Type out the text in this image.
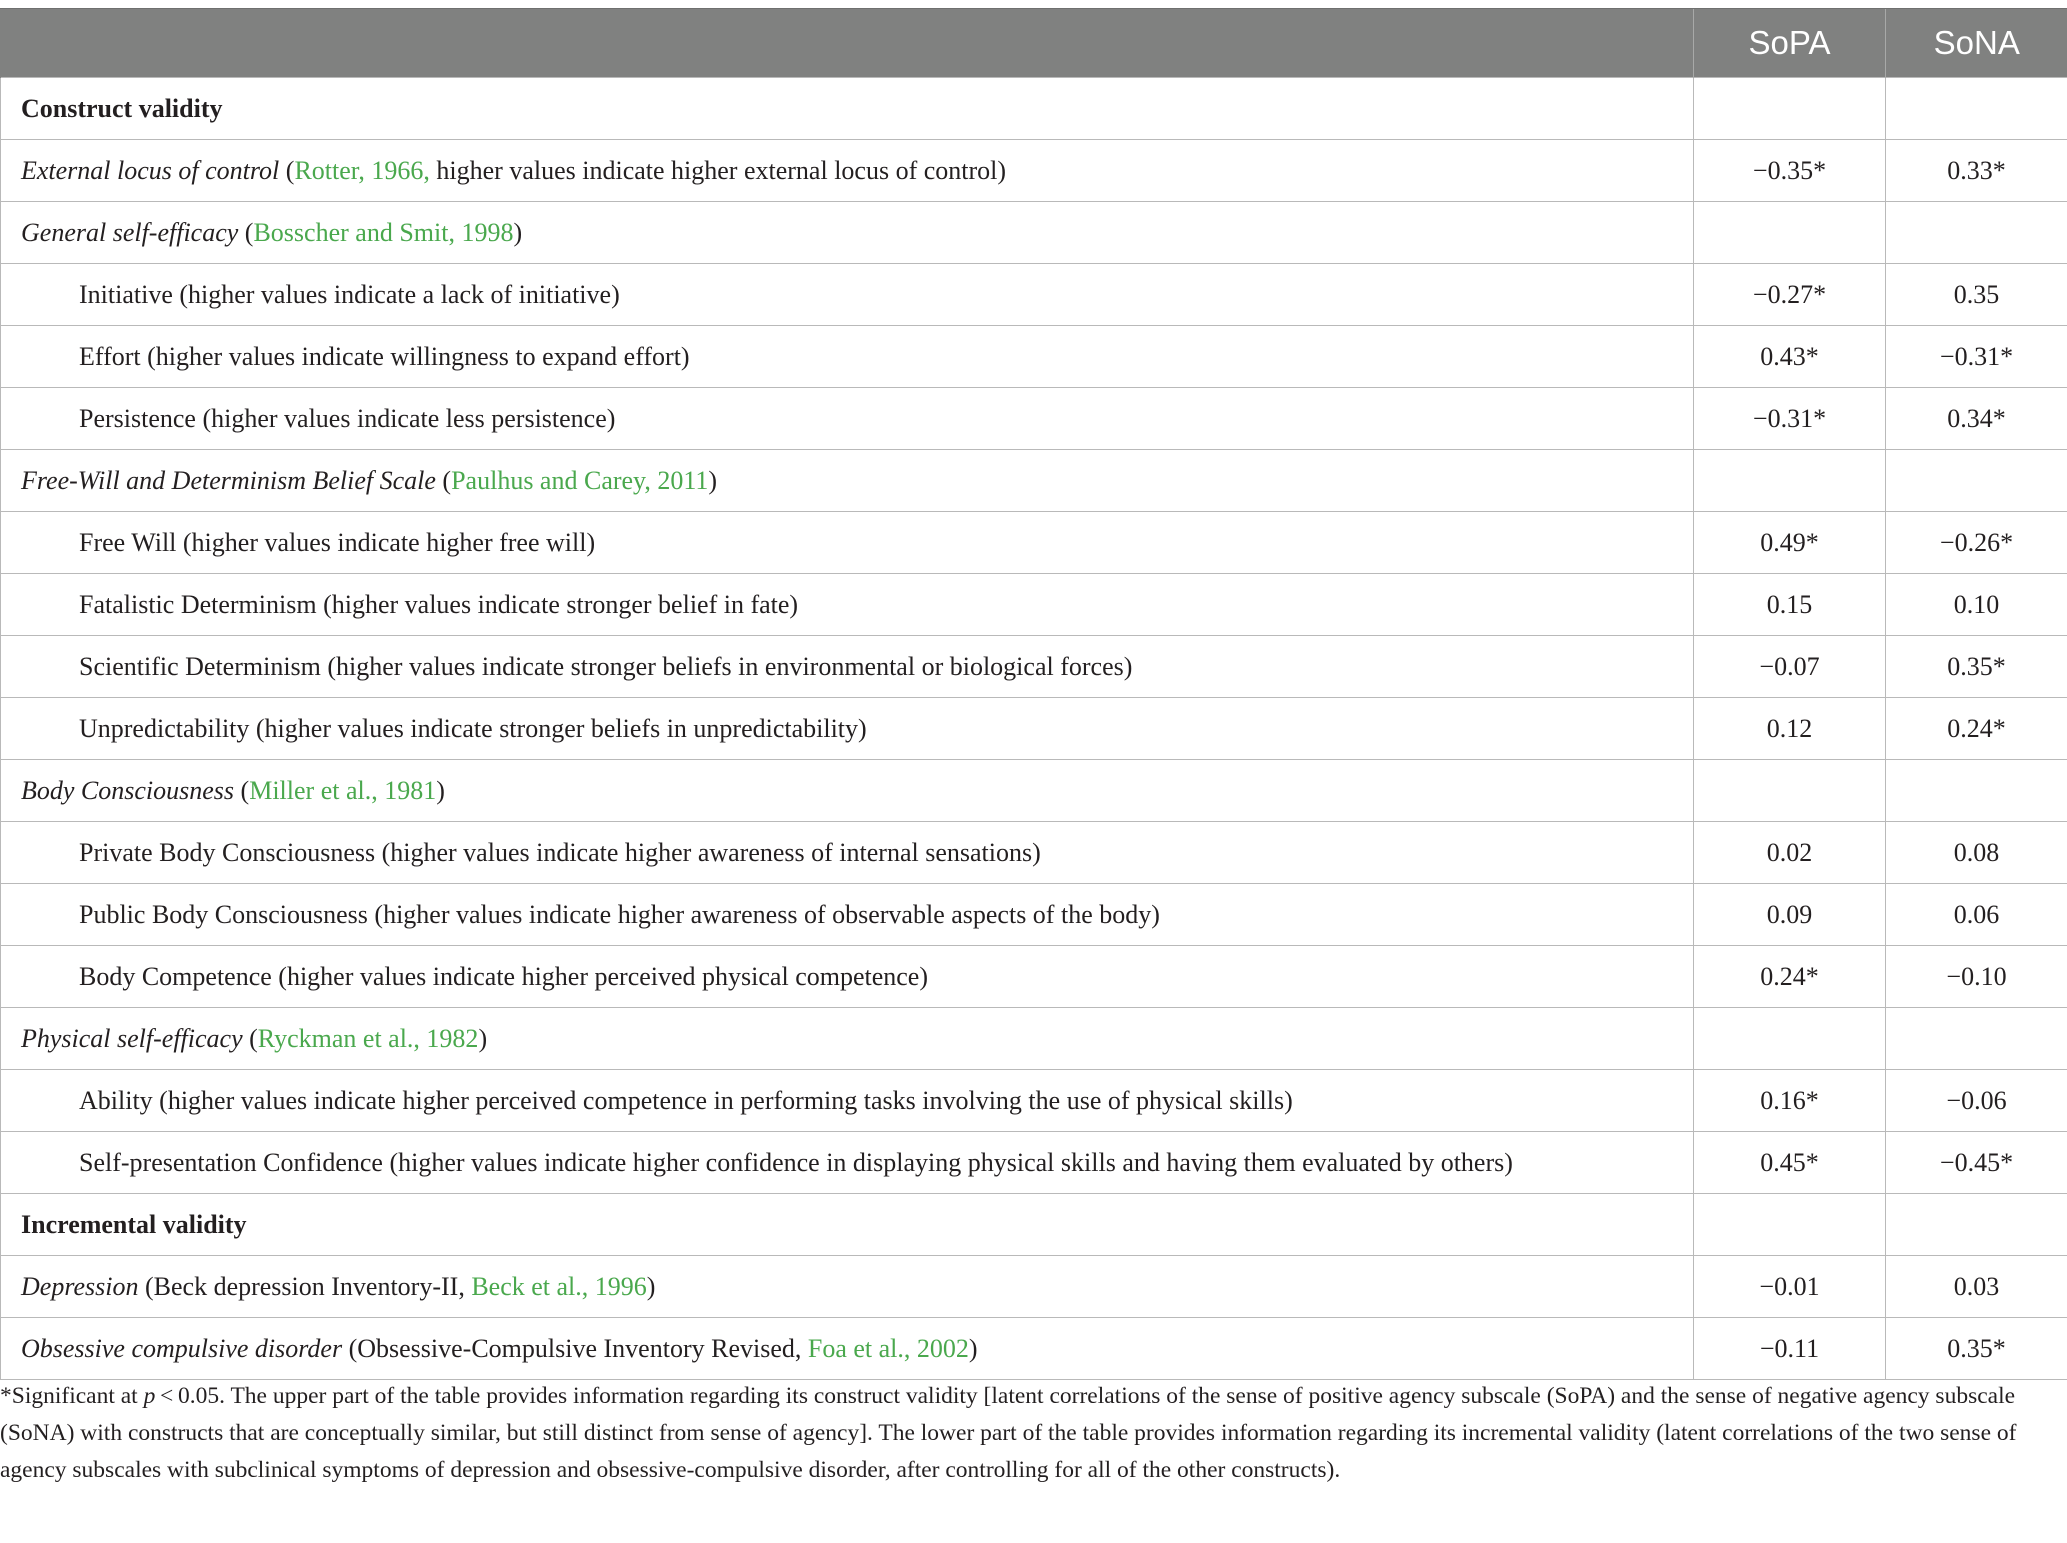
	SoPA	SoNA
Construct validity		
External locus of control (Rotter, 1966, higher values indicate higher external locus of control)	−0.35*	0.33*
General self-efficacy (Bosscher and Smit, 1998)		
Initiative (higher values indicate a lack of initiative)	−0.27*	0.35
Effort (higher values indicate willingness to expand effort)	0.43*	−0.31*
Persistence (higher values indicate less persistence)	−0.31*	0.34*
Free-Will and Determinism Belief Scale (Paulhus and Carey, 2011)		
Free Will (higher values indicate higher free will)	0.49*	−0.26*
Fatalistic Determinism (higher values indicate stronger belief in fate)	0.15	0.10
Scientific Determinism (higher values indicate stronger beliefs in environmental or biological forces)	−0.07	0.35*
Unpredictability (higher values indicate stronger beliefs in unpredictability)	0.12	0.24*
Body Consciousness (Miller et al., 1981)		
Private Body Consciousness (higher values indicate higher awareness of internal sensations)	0.02	0.08
Public Body Consciousness (higher values indicate higher awareness of observable aspects of the body)	0.09	0.06
Body Competence (higher values indicate higher perceived physical competence)	0.24*	−0.10
Physical self-efficacy (Ryckman et al., 1982)		
Ability (higher values indicate higher perceived competence in performing tasks involving the use of physical skills)	0.16*	−0.06
Self-presentation Confidence (higher values indicate higher confidence in displaying physical skills and having them evaluated by others)	0.45*	−0.45*
Incremental validity		
Depression (Beck depression Inventory-II, Beck et al., 1996)	−0.01	0.03
Obsessive compulsive disorder (Obsessive-Compulsive Inventory Revised, Foa et al., 2002)	−0.11	0.35*

*Significant at p < 0.05. The upper part of the table provides information regarding its construct validity [latent correlations of the sense of positive agency subscale (SoPA) and the sense of negative agency subscale (SoNA) with constructs that are conceptually similar, but still distinct from sense of agency]. The lower part of the table provides information regarding its incremental validity (latent correlations of the two sense of agency subscales with subclinical symptoms of depression and obsessive-compulsive disorder, after controlling for all of the other constructs).
